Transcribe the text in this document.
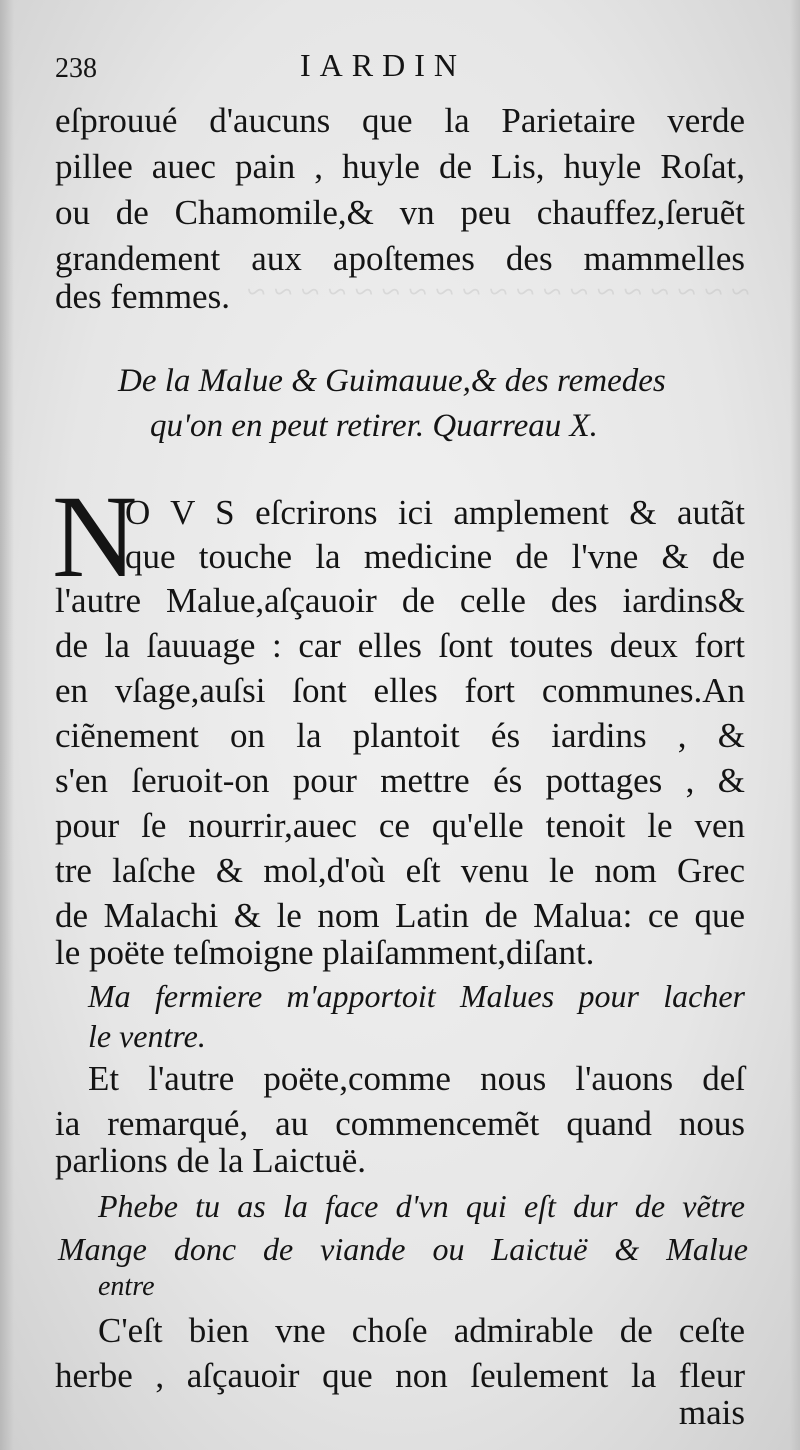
~ ~ ~ ~ ~ ~ ~ ~ ~ ~ ~ ~ ~ ~ ~ ~ ~ ~ ~
238	IARDIN
eſprouué d'aucuns que la Parietaire verde
pillee auec pain , huyle de Lis, huyle Roſat,
ou de Chamomile,& vn peu chauffez,ſeruẽt
grandement aux apoſtemes des mammelles
des femmes.
De la Malue & Guimauue,& des remedes
qu'on en peut retirer. Quarreau X.
N
O V S eſcrirons ici amplement & autãt
que touche la medicine de l'vne & de
l'autre Malue,aſçauoir de celle des iardins&
de la ſauuage : car elles ſont toutes deux fort
en vſage,auſsi ſont elles fort communes.An
ciẽnement on la plantoit és iardins , &
s'en ſeruoit-on pour mettre és pottages , &
pour ſe nourrir,auec ce qu'elle tenoit le ven
tre laſche & mol,d'où eſt venu le nom Grec
de Malachi & le nom Latin de Malua: ce que
le poëte teſmoigne plaiſamment,diſant.
Ma fermiere m'apportoit Malues pour lacher
le ventre.
Et l'autre poëte,comme nous l'auons deſ
ia remarqué, au commencemẽt quand nous
parlions de la Laictuë.
Phebe tu as la face d'vn qui eſt dur de vẽtre
Mange donc de viande ou Laictuë & Malue
entre
C'eſt bien vne choſe admirable de ceſte
herbe , aſçauoir que non ſeulement la fleur
mais
